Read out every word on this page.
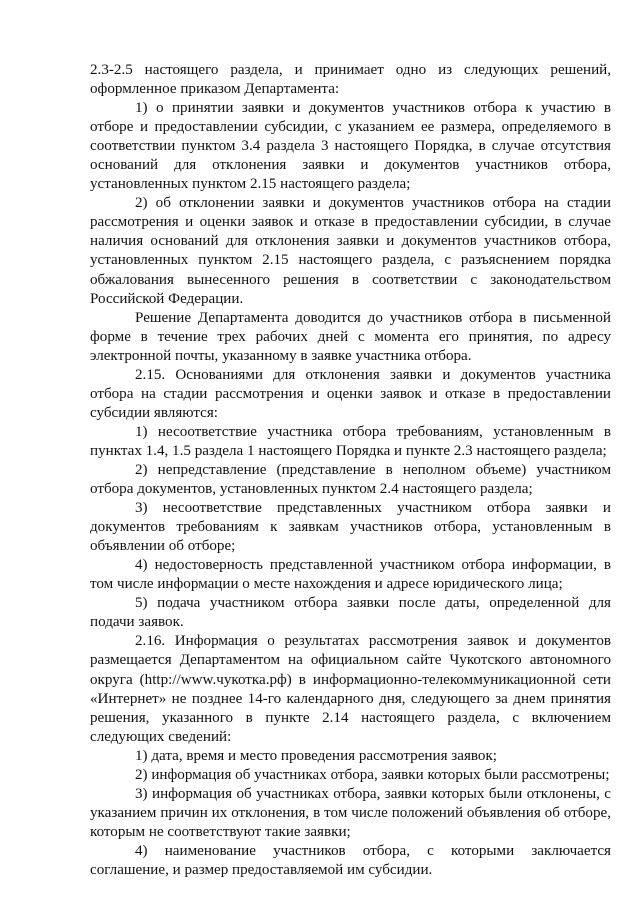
2.3-2.5 настоящего раздела, и принимает одно из следующих решений, оформленное приказом Департамента:

1) о принятии заявки и документов участников отбора к участию в отборе и предоставлении субсидии, с указанием ее размера, определяемого в соответствии пунктом 3.4 раздела 3 настоящего Порядка, в случае отсутствия оснований для отклонения заявки и документов участников отбора, установленных пунктом 2.15 настоящего раздела;

2) об отклонении заявки и документов участников отбора на стадии рассмотрения и оценки заявок и отказе в предоставлении субсидии, в случае наличия оснований для отклонения заявки и документов участников отбора, установленных пунктом 2.15 настоящего раздела, с разъяснением порядка обжалования вынесенного решения в соответствии с законодательством Российской Федерации.

Решение Департамента доводится до участников отбора в письменной форме в течение трех рабочих дней с момента его принятия, по адресу электронной почты, указанному в заявке участника отбора.

2.15. Основаниями для отклонения заявки и документов участника отбора на стадии рассмотрения и оценки заявок и отказе в предоставлении субсидии являются:

1) несоответствие участника отбора требованиям, установленным в пунктах 1.4, 1.5 раздела 1 настоящего Порядка и пункте 2.3 настоящего раздела;

2) непредставление (представление в неполном объеме) участником отбора документов, установленных пунктом 2.4 настоящего раздела;

3) несоответствие представленных участником отбора заявки и документов требованиям к заявкам участников отбора, установленным в объявлении об отборе;

4) недостоверность представленной участником отбора информации, в том числе информации о месте нахождения и адресе юридического лица;

5) подача участником отбора заявки после даты, определенной для подачи заявок.

2.16. Информация о результатах рассмотрения заявок и документов размещается Департаментом на официальном сайте Чукотского автономного округа (http://www.чукотка.рф) в информационно-телекоммуникационной сети «Интернет» не позднее 14-го календарного дня, следующего за днем принятия решения, указанного в пункте 2.14 настоящего раздела, с включением следующих сведений:

1) дата, время и место проведения рассмотрения заявок;

2) информация об участниках отбора, заявки которых были рассмотрены;

3) информация об участниках отбора, заявки которых были отклонены, с указанием причин их отклонения, в том числе положений объявления об отборе, которым не соответствуют такие заявки;

4) наименование участников отбора, с которыми заключается соглашение, и размер предоставляемой им субсидии.
